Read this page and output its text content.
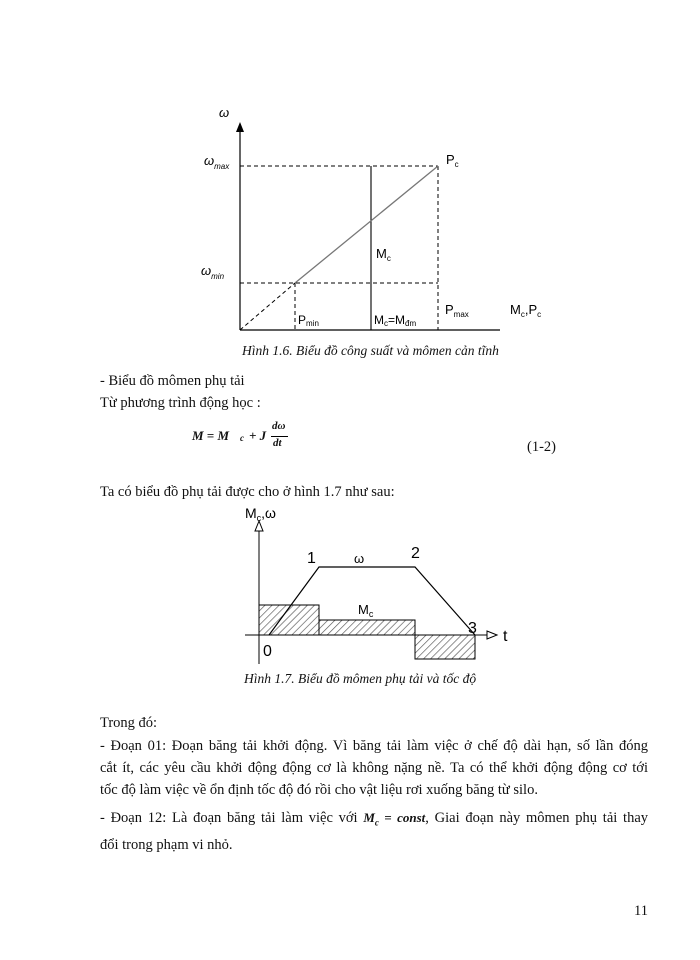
ω
$\omega_{max}$
$\omega_{min}$
$P_c$
$M_c$
Pmin	Mc=Mđm
$P_{max}$	$M_c,P_c$
Hình 1.6. Biểu đồ công suất và mômen cản tĩnh
- Biểu đồ mômen phụ tải
Từ phương trình động học :
M = M c + J
dω
dt	(1-2)
Ta có biểu đồ phụ tải được cho ở hình 1.7 như sau:
$M_c,\omega$
t
0
1	2
3
ω
$M_c$
Hình 1.7. Biểu đồ mômen phụ tải và tốc độ
Trong đó:
- Đoạn 01: Đoạn băng tải khởi động. Vì băng tải làm việc ở chế độ dài hạn, số lần đóng
cắt ít, các yêu cầu khởi động động cơ là không nặng nề. Ta có thể khởi động động cơ tới
tốc độ làm việc về ổn định tốc độ đó rồi cho vật liệu rơi xuống băng từ silo.
- Đoạn 12: Là đoạn băng tải làm việc với $M_c$ = const, Giai đoạn này mômen phụ tải thay
đổi trong phạm vi nhỏ.
11
